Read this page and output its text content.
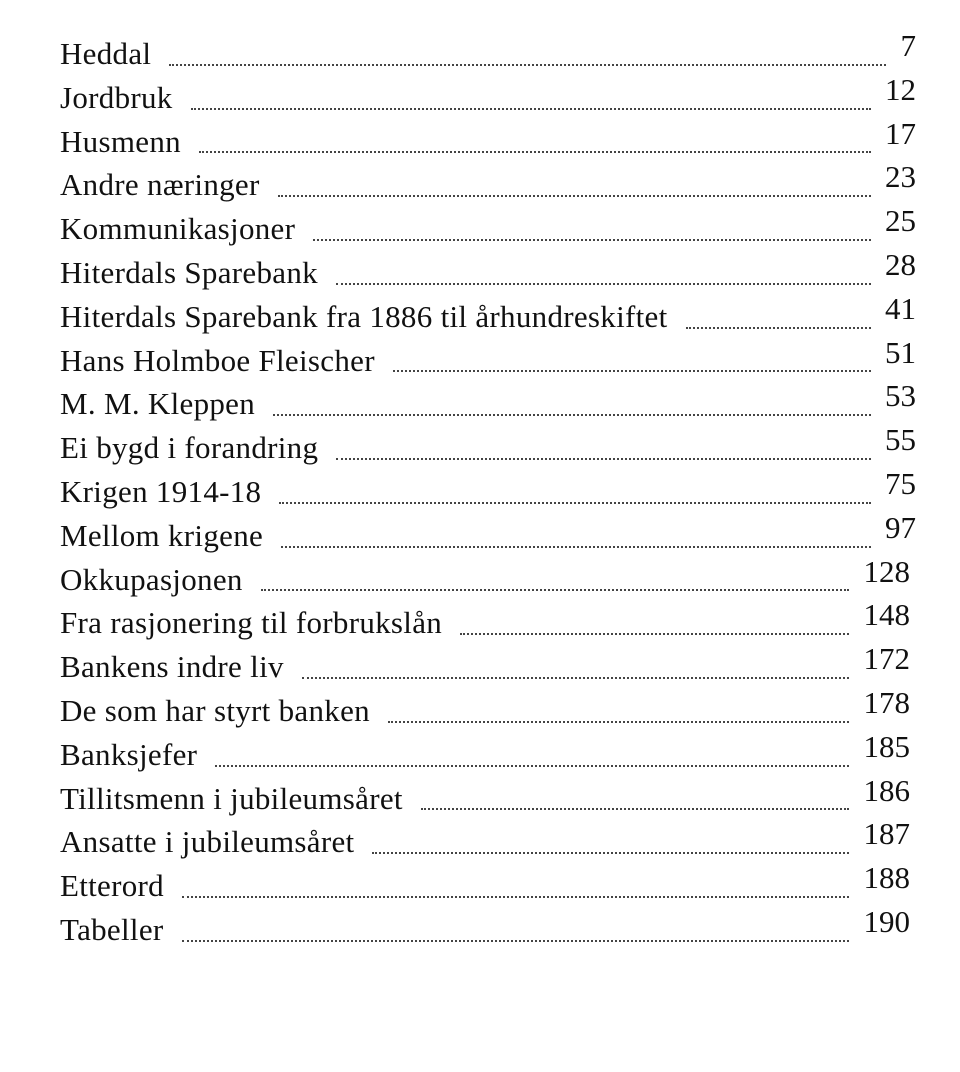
Heddal	7
Jordbruk	12
Husmenn	17
Andre næringer	23
Kommunikasjoner	25
Hiterdals Sparebank	28
Hiterdals Sparebank fra 1886 til århundreskiftet	41
Hans Holmboe Fleischer	51
M. M. Kleppen	53
Ei bygd i forandring	55
Krigen 1914-18	75
Mellom krigene	97
Okkupasjonen	128
Fra rasjonering til forbrukslån	148
Bankens indre liv	172
De som har styrt banken	178
Banksjefer	185
Tillitsmenn i jubileumsåret	186
Ansatte i jubileumsåret	187
Etterord	188
Tabeller	190
